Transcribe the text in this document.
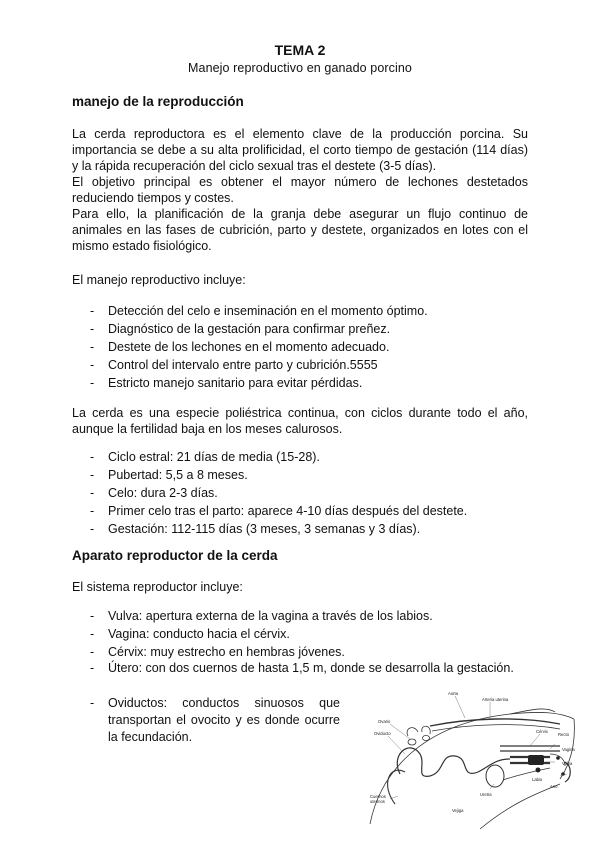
TEMA 2
Manejo reproductivo en ganado porcino
manejo de la reproducción
La cerda reproductora es el elemento clave de la producción porcina. Su importancia se debe a su alta prolificidad, el corto tiempo de gestación (114 días) y la rápida recuperación del ciclo sexual tras el destete (3-5 días).
El objetivo principal es obtener el mayor número de lechones destetados reduciendo tiempos y costes.
Para ello, la planificación de la granja debe asegurar un flujo continuo de animales en las fases de cubrición, parto y destete, organizados en lotes con el mismo estado fisiológico.
El manejo reproductivo incluye:
- Detección del celo e inseminación en el momento óptimo.
- Diagnóstico de la gestación para confirmar preñez.
- Destete de los lechones en el momento adecuado.
- Control del intervalo entre parto y cubrición.5555
- Estricto manejo sanitario para evitar pérdidas.
La cerda es una especie poliéstrica continua, con ciclos durante todo el año, aunque la fertilidad baja en los meses calurosos.
- Ciclo estral: 21 días de media (15-28).
- Pubertad: 5,5 a 8 meses.
- Celo: dura 2-3 días.
- Primer celo tras el parto: aparece 4-10 días después del destete.
- Gestación: 112-115 días (3 meses, 3 semanas y 3 días).
Aparato reproductor de la cerda
El sistema reproductor incluye:
- Vulva: apertura externa de la vagina a través de los labios.
- Vagina: conducto hacia el cérvix.
- Cérvix: muy estrecho en hembras jóvenes.
- Útero: con dos cuernos de hasta 1,5 m, donde se desarrolla la gestación.
- Oviductos: conductos sinuosos que transportan el ovocito y es donde ocurre la fecundación.
Aorta
Arteria uterina
Ovario
Oviducto	Cérvix
Recto
Vagina
Vulva
Labio
Ano
Uretra
Vejiga
Cuernos
uterinos
